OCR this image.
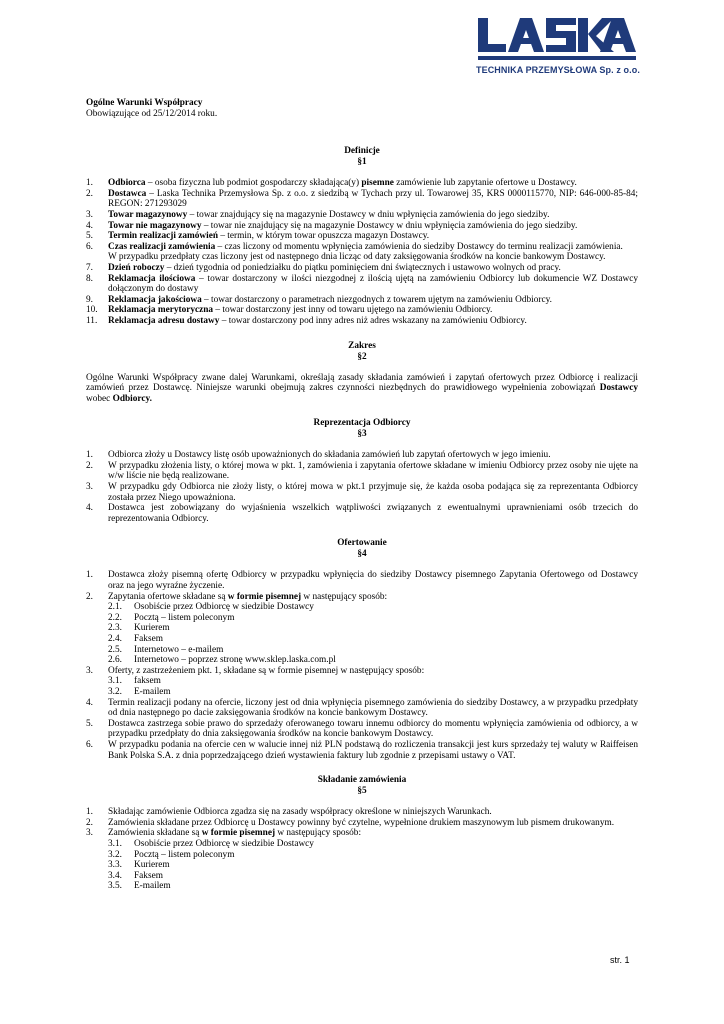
TECHNIKA PRZEMYSŁOWA Sp. z o.o.
Ogólne Warunki Współpracy
Obowiązujące od 25/12/2014 roku.
Definicje
§1
1. Odbiorca – osoba fizyczna lub podmiot gospodarczy składająca(y) pisemne zamówienie lub zapytanie ofertowe u Dostawcy.
2. Dostawca – Laska Technika Przemysłowa Sp. z o.o. z siedzibą w Tychach przy ul. Towarowej 35, KRS 0000115770, NIP: 646-000-85-84; REGON: 271293029
3. Towar magazynowy – towar znajdujący się na magazynie Dostawcy w dniu wpłynięcia zamówienia do jego siedziby.
4. Towar nie magazynowy – towar nie znajdujący się na magazynie Dostawcy w dniu wpłynięcia zamówienia do jego siedziby.
5. Termin realizacji zamówień – termin, w którym towar opuszcza magazyn Dostawcy.
6. Czas realizacji zamówienia – czas liczony od momentu wpłynięcia zamówienia do siedziby Dostawcy do terminu realizacji zamówienia.
W przypadku przedpłaty czas liczony jest od następnego dnia licząc od daty zaksięgowania środków na koncie bankowym Dostawcy.
7. Dzień roboczy – dzień tygodnia od poniedziałku do piątku pominięciem dni świątecznych i ustawowo wolnych od pracy.
8. Reklamacja ilościowa – towar dostarczony w ilości niezgodnej z ilością ujętą na zamówieniu Odbiorcy lub dokumencie WZ Dostawcy dołączonym do dostawy
9. Reklamacja jakościowa – towar dostarczony o parametrach niezgodnych z towarem ujętym na zamówieniu Odbiorcy.
10. Reklamacja merytoryczna – towar dostarczony jest inny od towaru ujętego na zamówieniu Odbiorcy.
11. Reklamacja adresu dostawy – towar dostarczony pod inny adres niż adres wskazany na zamówieniu Odbiorcy.
Zakres
§2

Ogólne Warunki Współpracy zwane dalej Warunkami, określają zasady składania zamówień i zapytań ofertowych przez Odbiorcę i realizacji zamówień przez Dostawcę. Niniejsze warunki obejmują zakres czynności niezbędnych do prawidłowego wypełnienia zobowiązań Dostawcy wobec Odbiorcy.

Reprezentacja Odbiorcy
§3
1. Odbiorca złoży u Dostawcy listę osób upoważnionych do składania zamówień lub zapytań ofertowych w jego imieniu.
2. W przypadku złożenia listy, o której mowa w pkt. 1, zamówienia i zapytania ofertowe składane w imieniu Odbiorcy przez osoby nie ujęte na w/w liście nie będą realizowane.
3. W przypadku gdy Odbiorca nie złoży listy, o której mowa w pkt.1 przyjmuje się, że każda osoba podająca się za reprezentanta Odbiorcy została przez Niego upoważniona.
4. Dostawca jest zobowiązany do wyjaśnienia wszelkich wątpliwości związanych z ewentualnymi uprawnieniami osób trzecich do reprezentowania Odbiorcy.
Ofertowanie
§4
1. Dostawca złoży pisemną ofertę Odbiorcy w przypadku wpłynięcia do siedziby Dostawcy pisemnego Zapytania Ofertowego od Dostawcy oraz na jego wyraźne życzenie.
2. Zapytania ofertowe składane są w formie pisemnej w następujący sposób:
2.1. Osobiście przez Odbiorcę w siedzibie Dostawcy
2.2. Pocztą – listem poleconym
2.3. Kurierem
2.4. Faksem
2.5. Internetowo – e-mailem
2.6. Internetowo – poprzez stronę www.sklep.laska.com.pl
3. Oferty, z zastrzeżeniem pkt. 1, składane są w formie pisemnej w następujący sposób:
3.1. faksem
3.2. E-mailem
4. Termin realizacji podany na ofercie, liczony jest od dnia wpłynięcia pisemnego zamówienia do siedziby Dostawcy, a w przypadku przedpłaty od dnia następnego po dacie zaksięgowania środków na koncie bankowym Dostawcy.
5. Dostawca zastrzega sobie prawo do sprzedaży oferowanego towaru innemu odbiorcy do momentu wpłynięcia zamówienia od odbiorcy, a w przypadku przedpłaty do dnia zaksięgowania środków na koncie bankowym Dostawcy.
6. W przypadku podania na ofercie cen w walucie innej niż PLN podstawą do rozliczenia transakcji jest kurs sprzedaży tej waluty w Raiffeisen Bank Polska S.A. z dnia poprzedzającego dzień wystawienia faktury lub zgodnie z przepisami ustawy o VAT.
Składanie zamówienia
§5
1. Składając zamówienie Odbiorca zgadza się na zasady współpracy określone w niniejszych Warunkach.
2. Zamówienia składane przez Odbiorcę u Dostawcy powinny być czytelne, wypełnione drukiem maszynowym lub pismem drukowanym.
3. Zamówienia składane są w formie pisemnej w następujący sposób:
3.1. Osobiście przez Odbiorcę w siedzibie Dostawcy
3.2. Pocztą – listem poleconym
3.3. Kurierem
3.4. Faksem
3.5. E-mailem
str. 1
